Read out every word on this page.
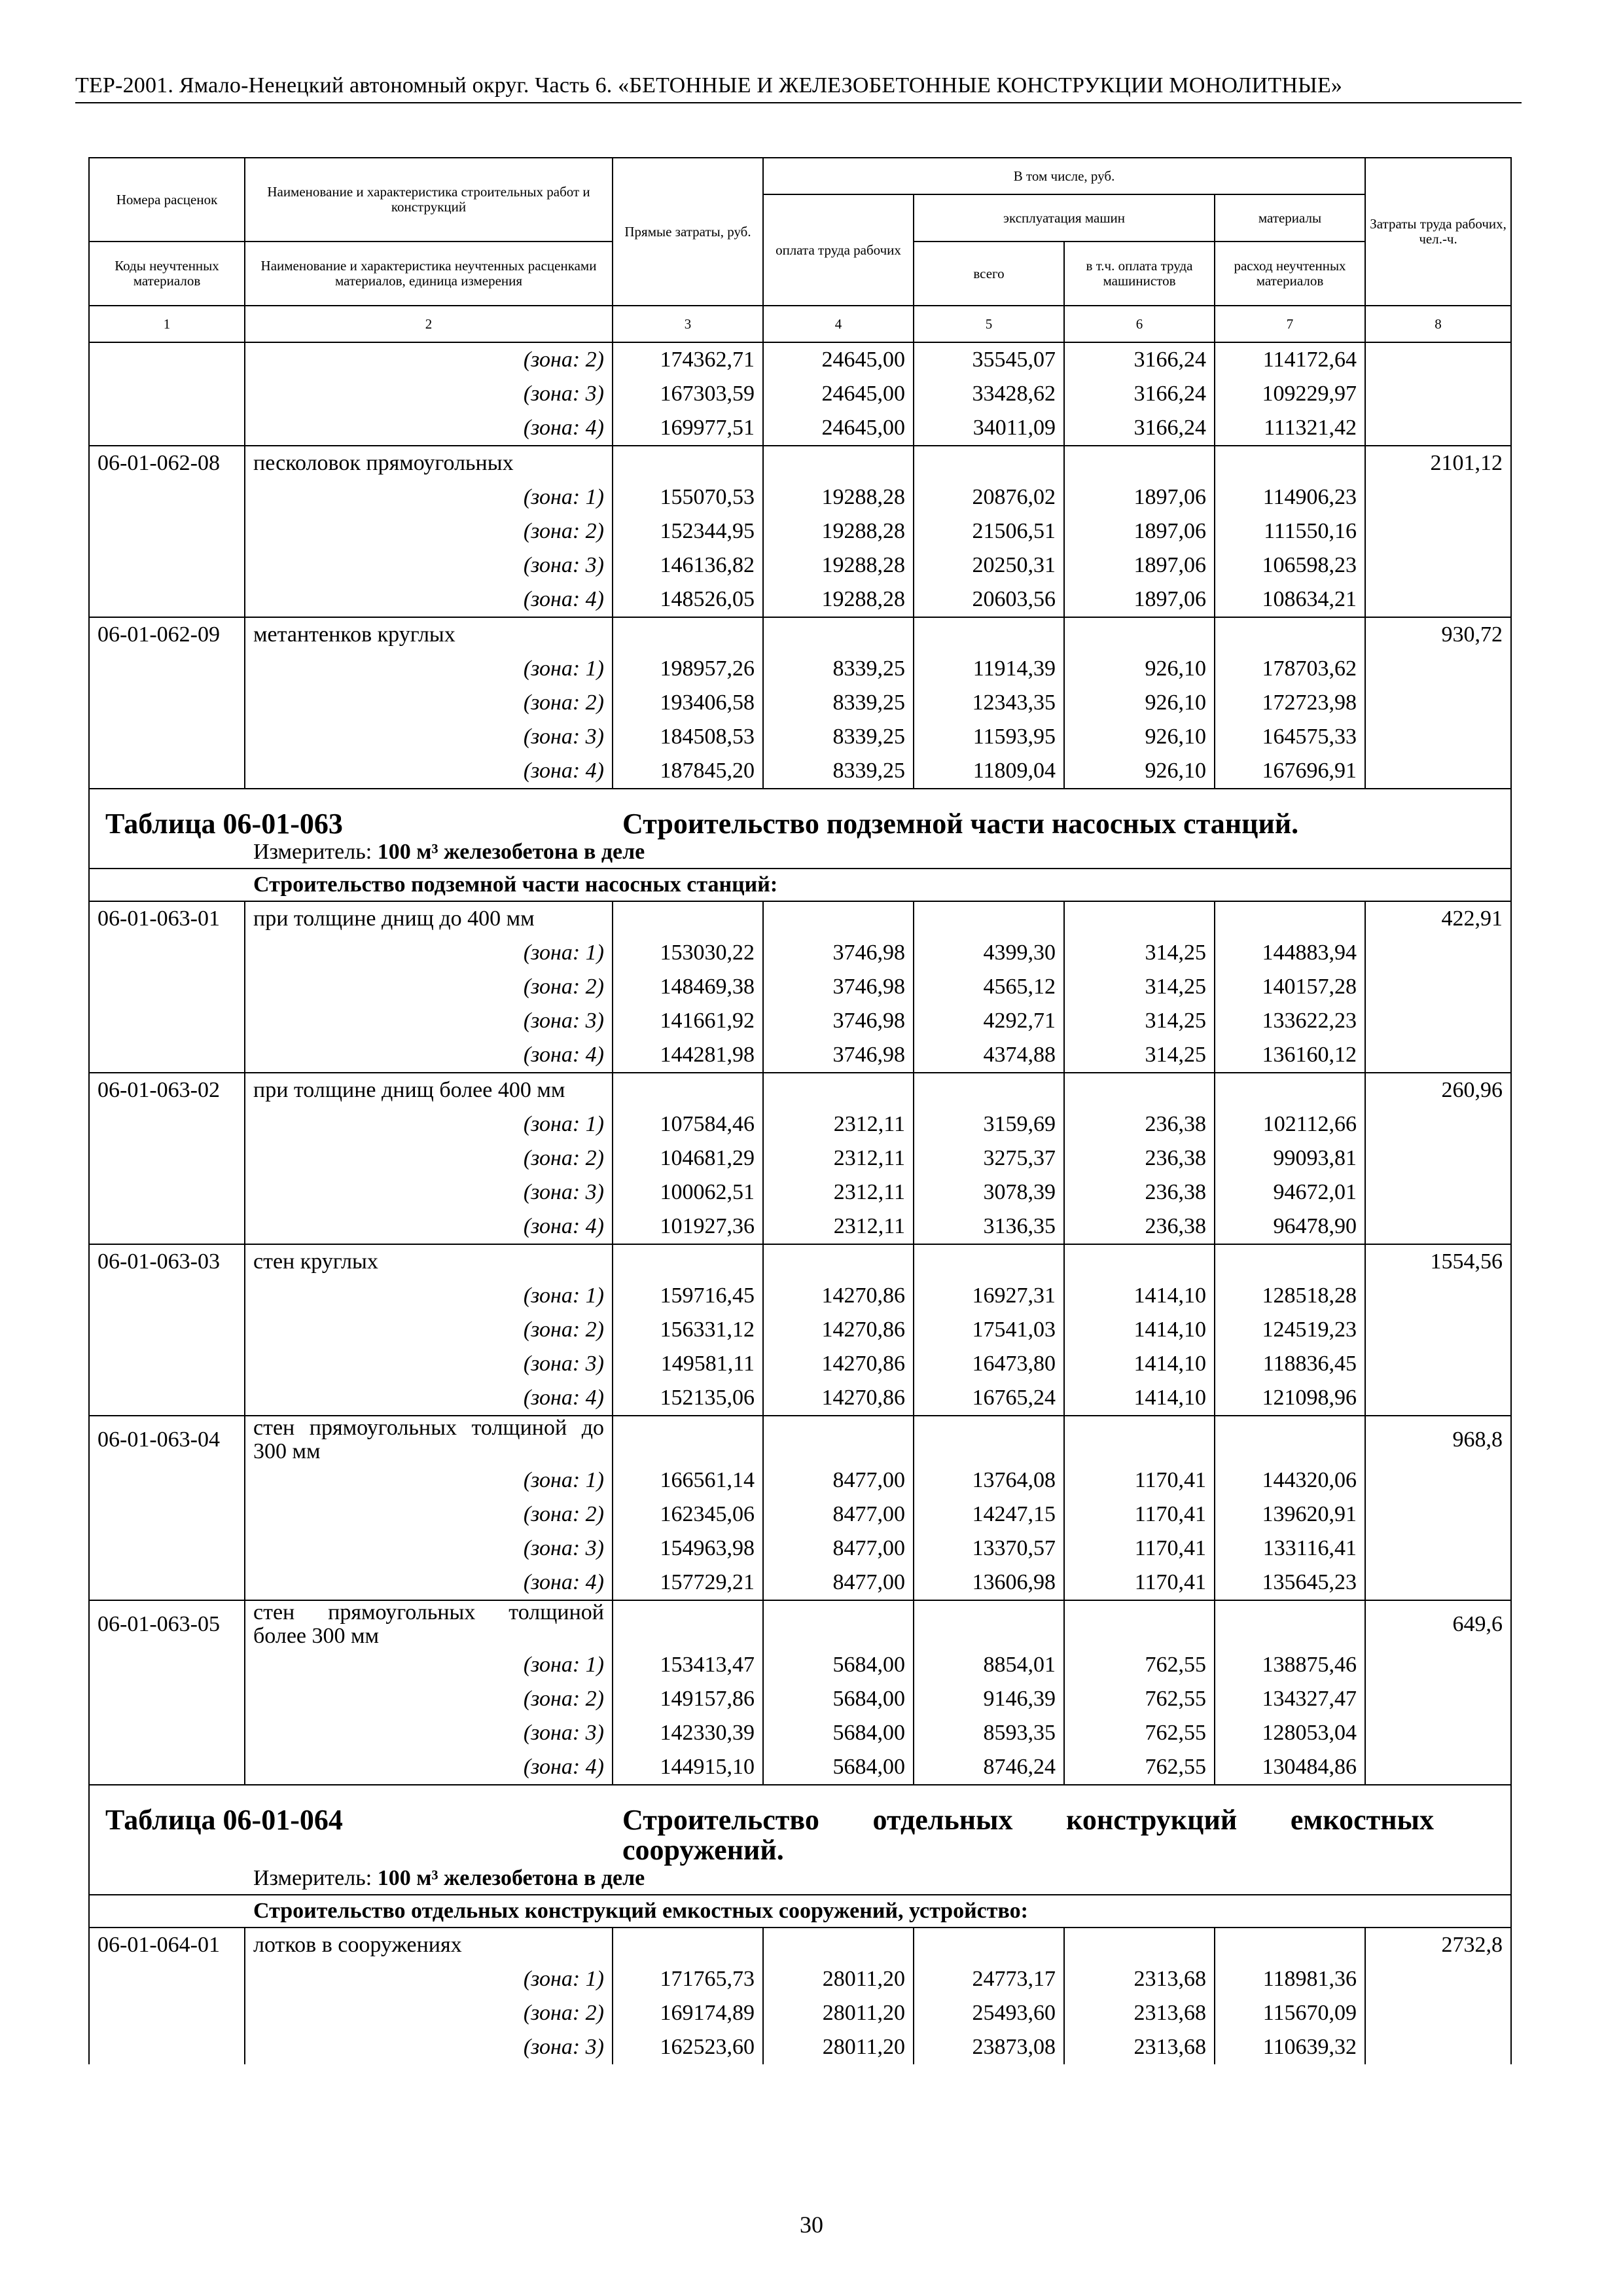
ТЕР-2001. Ямало-Ненецкий автономный округ. Часть 6. «БЕТОННЫЕ И ЖЕЛЕЗОБЕТОННЫЕ КОНСТРУКЦИИ МОНОЛИТНЫЕ»
Номера расценок	Наименование и характеристика строительных работ и конструкций	Прямые затраты, руб.	В том числе, руб.				Затраты труда рабочих, чел.-ч.
			оплата труда рабочих	эксплуатация машин		материалы	
Коды неучтенных материалов	Наименование и характеристика неучтенных расценками материалов, единица измерения			всего	в т.ч. оплата труда машинистов	расход неучтенных материалов	
1	2	3	4	5	6	7	8
	(зона: 2)	174362,71	24645,00	35545,07	3166,24	114172,64	
	(зона: 3)	167303,59	24645,00	33428,62	3166,24	109229,97	
	(зона: 4)	169977,51	24645,00	34011,09	3166,24	111321,42	
06-01-062-08	песколовок прямоугольных						2101,12
	(зона: 1)	155070,53	19288,28	20876,02	1897,06	114906,23	
	(зона: 2)	152344,95	19288,28	21506,51	1897,06	111550,16	
	(зона: 3)	146136,82	19288,28	20250,31	1897,06	106598,23	
	(зона: 4)	148526,05	19288,28	20603,56	1897,06	108634,21	
06-01-062-09	метантенков круглых						930,72
	(зона: 1)	198957,26	8339,25	11914,39	926,10	178703,62	
	(зона: 2)	193406,58	8339,25	12343,35	926,10	172723,98	
	(зона: 3)	184508,53	8339,25	11593,95	926,10	164575,33	
	(зона: 4)	187845,20	8339,25	11809,04	926,10	167696,91	

Таблица 06-01-063 Строительство подземной части насосных станций.
Измеритель: 100 м³ железобетона в деле							

Строительство подземной части насосных станций:							
06-01-063-01	при толщине днищ до 400 мм						422,91
	(зона: 1)	153030,22	3746,98	4399,30	314,25	144883,94	
	(зона: 2)	148469,38	3746,98	4565,12	314,25	140157,28	
	(зона: 3)	141661,92	3746,98	4292,71	314,25	133622,23	
	(зона: 4)	144281,98	3746,98	4374,88	314,25	136160,12	
06-01-063-02	при толщине днищ более 400 мм						260,96
	(зона: 1)	107584,46	2312,11	3159,69	236,38	102112,66	
	(зона: 2)	104681,29	2312,11	3275,37	236,38	99093,81	
	(зона: 3)	100062,51	2312,11	3078,39	236,38	94672,01	
	(зона: 4)	101927,36	2312,11	3136,35	236,38	96478,90	
06-01-063-03	стен круглых						1554,56
	(зона: 1)	159716,45	14270,86	16927,31	1414,10	128518,28	
	(зона: 2)	156331,12	14270,86	17541,03	1414,10	124519,23	
	(зона: 3)	149581,11	14270,86	16473,80	1414,10	118836,45	
	(зона: 4)	152135,06	14270,86	16765,24	1414,10	121098,96	
06-01-063-04	стен прямоугольных толщиной до 300 мм						968,8
	(зона: 1)	166561,14	8477,00	13764,08	1170,41	144320,06	
	(зона: 2)	162345,06	8477,00	14247,15	1170,41	139620,91	
	(зона: 3)	154963,98	8477,00	13370,57	1170,41	133116,41	
	(зона: 4)	157729,21	8477,00	13606,98	1170,41	135645,23	
06-01-063-05	стен прямоугольных толщиной более 300 мм						649,6
	(зона: 1)	153413,47	5684,00	8854,01	762,55	138875,46	
	(зона: 2)	149157,86	5684,00	9146,39	762,55	134327,47	
	(зона: 3)	142330,39	5684,00	8593,35	762,55	128053,04	
	(зона: 4)	144915,10	5684,00	8746,24	762,55	130484,86	

Таблица 06-01-064 Строительство отдельных конструкций емкостных сооружений.
Измеритель: 100 м³ железобетона в деле							

Строительство отдельных конструкций емкостных сооружений, устройство:							
06-01-064-01	лотков в сооружениях						2732,8
	(зона: 1)	171765,73	28011,20	24773,17	2313,68	118981,36	
	(зона: 2)	169174,89	28011,20	25493,60	2313,68	115670,09	
	(зона: 3)	162523,60	28011,20	23873,08	2313,68	110639,32	
30
